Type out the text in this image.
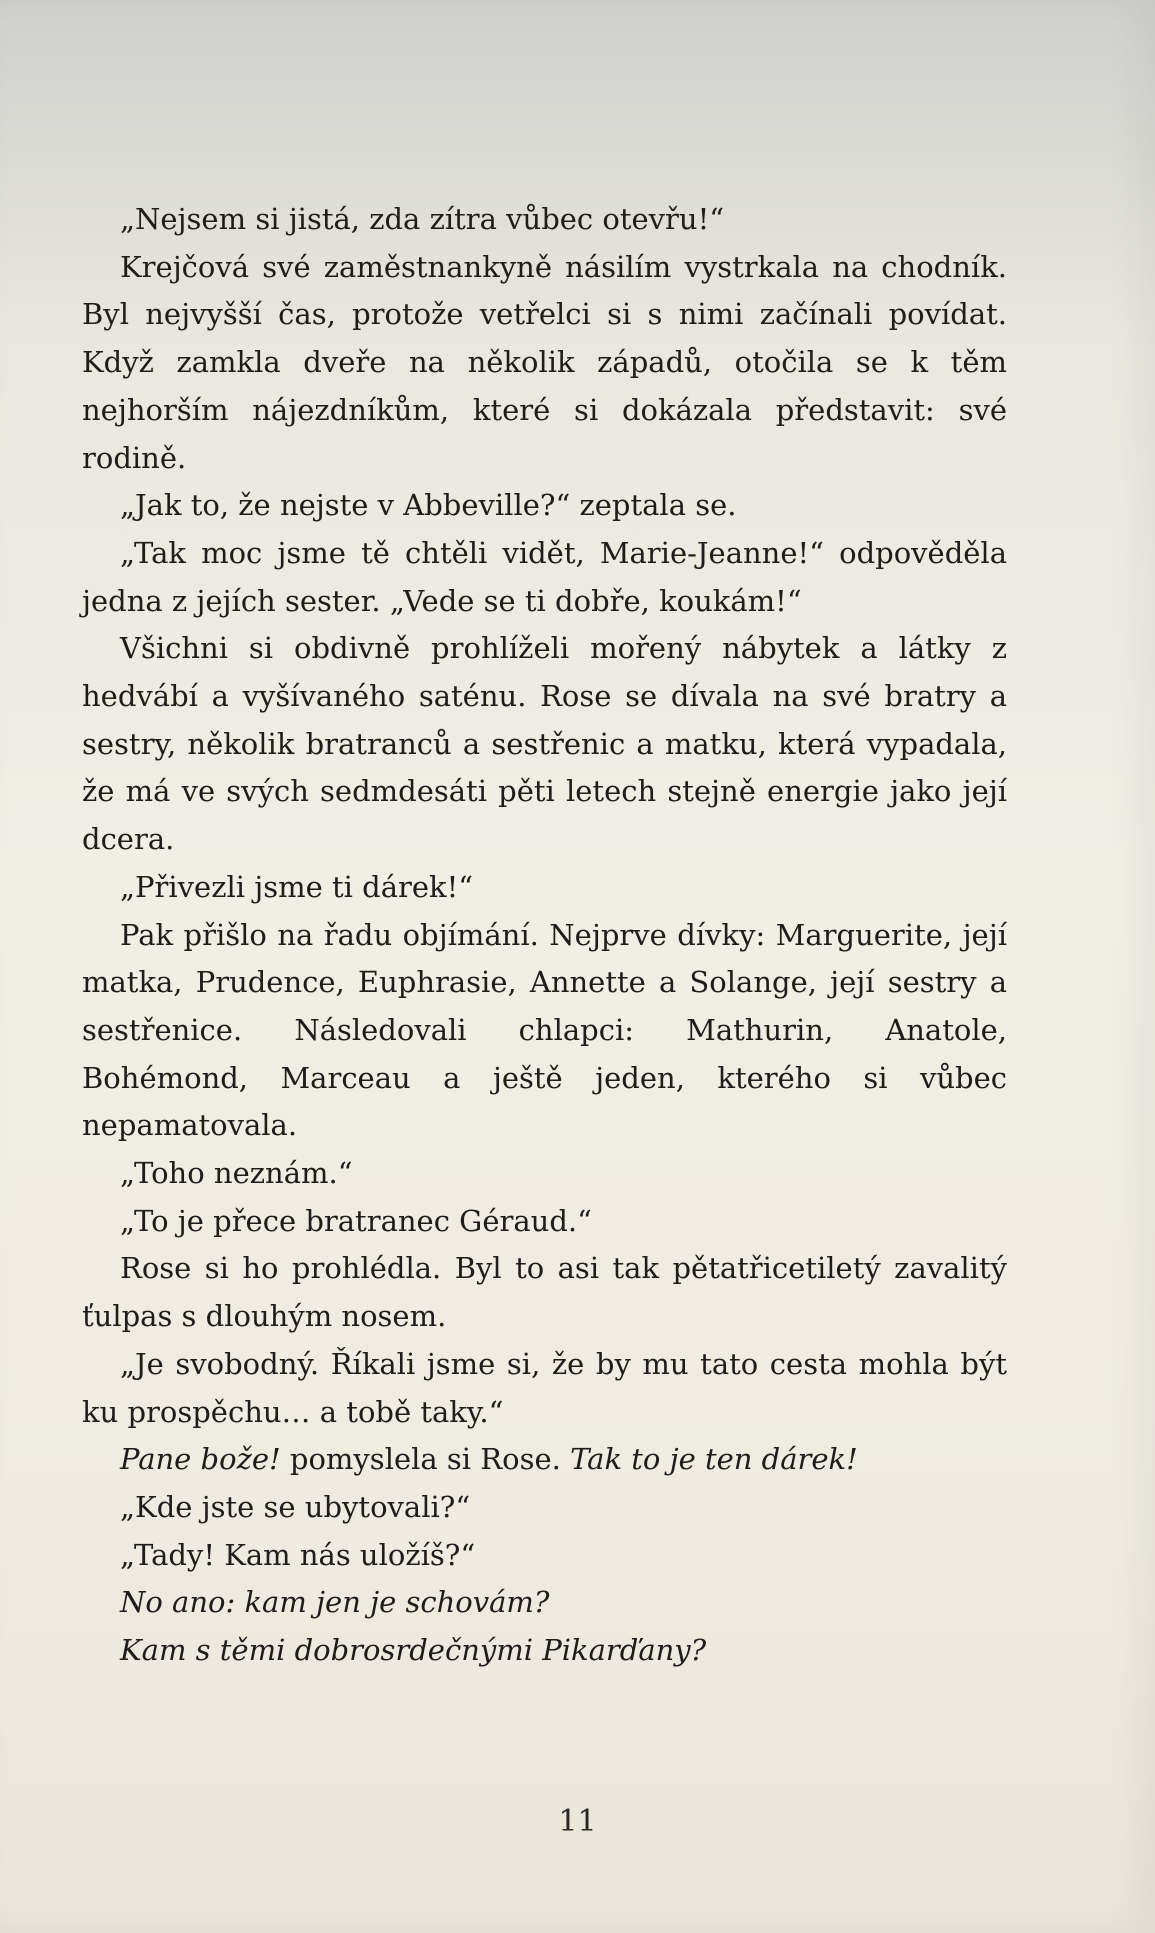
„Nejsem si jistá, zda zítra vůbec otevřu!“

Krejčová své zaměstnankyně násilím vystrkala na chodník. Byl nejvyšší čas, protože vetřelci si s nimi začínali povídat. Když zamkla dveře na několik západů, otočila se k těm nejhorším nájezdníkům, které si dokázala představit: své rodině.

„Jak to, že nejste v Abbeville?“ zeptala se.

„Tak moc jsme tě chtěli vidět, Marie-Jeanne!“ odpověděla jedna z jejích sester. „Vede se ti dobře, koukám!“

Všichni si obdivně prohlíželi mořený nábytek a látky z hedvábí a vyšívaného saténu. Rose se dívala na své bratry a sestry, několik bratranců a sestřenic a matku, která vypadala, že má ve svých sedmdesáti pěti letech stejně energie jako její dcera.

„Přivezli jsme ti dárek!“

Pak přišlo na řadu objímání. Nejprve dívky: Marguerite, její matka, Prudence, Euphrasie, Annette a Solange, její sestry a sestřenice. Následovali chlapci: Mathurin, Anatole, Bohémond, Marceau a ještě jeden, kterého si vůbec nepamatovala.

„Toho neznám.“

„To je přece bratranec Géraud.“

Rose si ho prohlédla. Byl to asi tak pětatřicetiletý zavalitý ťulpas s dlouhým nosem.

„Je svobodný. Říkali jsme si, že by mu tato cesta mohla být ku prospěchu… a tobě taky.“

Pane bože! pomyslela si Rose. Tak to je ten dárek!

„Kde jste se ubytovali?“

„Tady! Kam nás uložíš?“

No ano: kam jen je schovám?

Kam s těmi dobrosrdečnými Pikarďany?

11
